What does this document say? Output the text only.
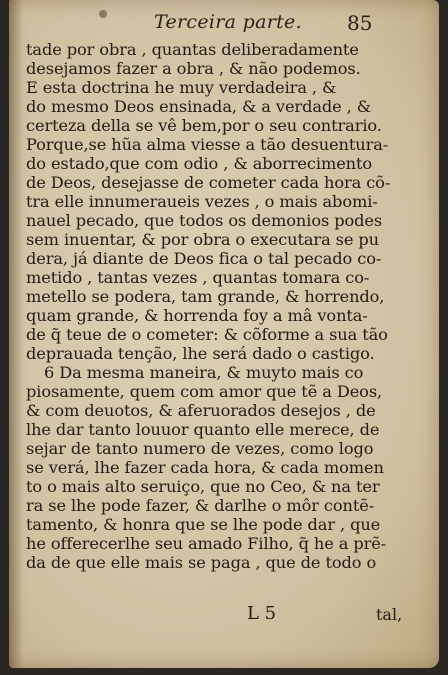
Terceira parte. 85
tade por obra , quantas deliberadamente
desejamos fazer a obra , & não podemos.
E esta doctrina he muy verdadeira , &
do mesmo Deos ensinada, & a verdade , &
certeza della se vê bem,por o seu contrario.
Porque,se hũa alma viesse a tão desuentura-
do estado,que com odio , & aborrecimento
de Deos, desejasse de cometer cada hora cõ-
tra elle innumeraueis vezes , o mais abomi-
nauel pecado, que todos os demonios podes
sem inuentar, & por obra o executara se pu
dera, já diante de Deos fica o tal pecado co-
metido , tantas vezes , quantas tomara co-
metello se podera, tam grande, & horrendo,
quam grande, & horrenda foy a mâ vonta-
de q̃ teue de o cometer: & cõforme a sua tão
deprauada tenção, lhe será dado o castigo.
6 Da mesma maneira, & muyto mais co
piosamente, quem com amor que tẽ a Deos,
& com deuotos, & aferuorados desejos , de
lhe dar tanto louuor quanto elle merece, de
sejar de tanto numero de vezes, como logo
se verá, lhe fazer cada hora, & cada momen
to o mais alto seruiço, que no Ceo, & na ter
ra se lhe pode fazer, & darlhe o môr contẽ-
tamento, & honra que se lhe pode dar , que
he offerecerlhe seu amado Filho, q̃ he a prẽ-
da de que elle mais se paga , que de todo o
L 5	tal,
